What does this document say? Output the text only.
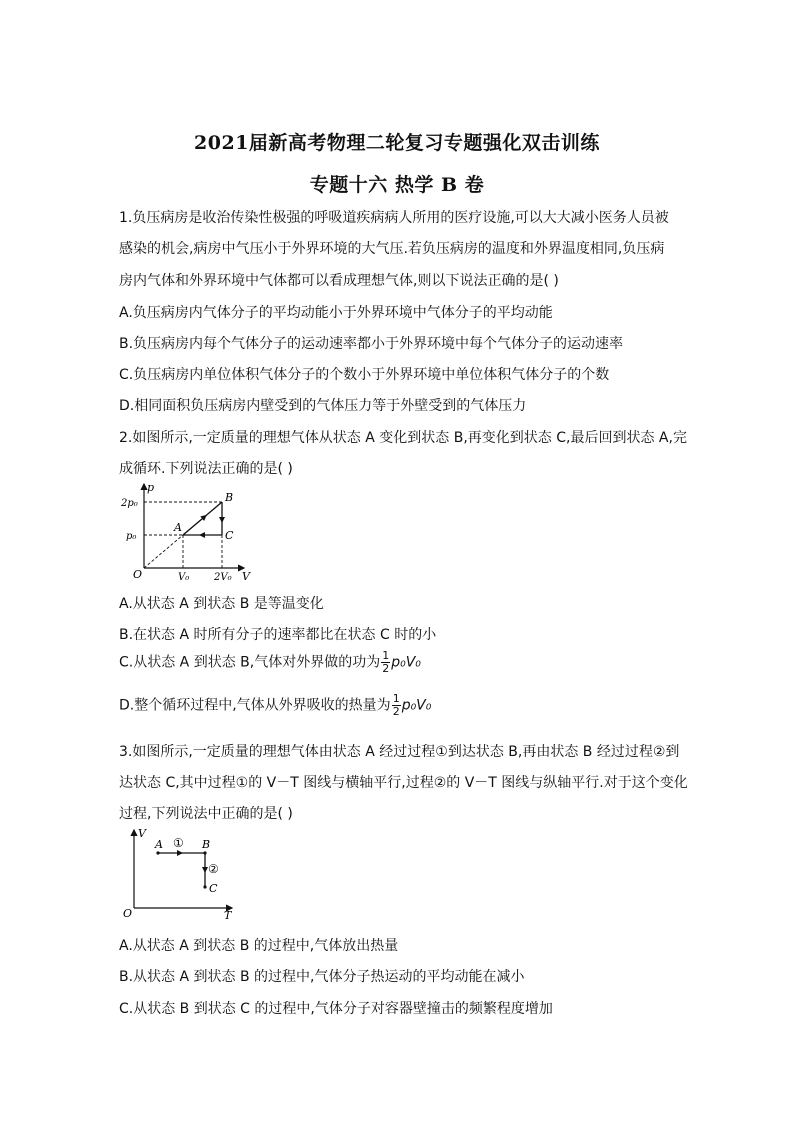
2021届新高考物理二轮复习专题强化双击训练
专题十六 热学 B 卷
1.负压病房是收治传染性极强的呼吸道疾病病人所用的医疗设施,可以大大减小医务人员被
感染的机会,病房中气压小于外界环境的大气压.若负压病房的温度和外界温度相同,负压病
房内气体和外界环境中气体都可以看成理想气体,则以下说法正确的是( )
A.负压病房内气体分子的平均动能小于外界环境中气体分子的平均动能
B.负压病房内每个气体分子的运动速率都小于外界环境中每个气体分子的运动速率
C.负压病房内单位体积气体分子的个数小于外界环境中单位体积气体分子的个数
D.相同面积负压病房内壁受到的气体压力等于外壁受到的气体压力
2.如图所示,一定质量的理想气体从状态 A 变化到状态 B,再变化到状态 C,最后回到状态 A,完
成循环.下列说法正确的是( )
p
V
O
2p₀
p₀
V₀ 2V₀
A
B
C
A.从状态 A 到状态 B 是等温变化
B.在状态 A 时所有分子的速率都比在状态 C 时的小
C.从状态 A 到状态 B,气体对外界做的功为 $\frac{1}{2} p_0V_0$
D.整个循环过程中,气体从外界吸收的热量为 $\frac{1}{2} p_0V_0$
3.如图所示,一定质量的理想气体由状态 A 经过过程①到达状态 B,再由状态 B 经过过程②到
达状态 C,其中过程①的 V－T 图线与横轴平行,过程②的 V－T 图线与纵轴平行.对于这个变化
过程,下列说法中正确的是( )
V
T
O
A	B
C
①
②
A.从状态 A 到状态 B 的过程中,气体放出热量
B.从状态 A 到状态 B 的过程中,气体分子热运动的平均动能在减小
C.从状态 B 到状态 C 的过程中,气体分子对容器壁撞击的频繁程度增加
